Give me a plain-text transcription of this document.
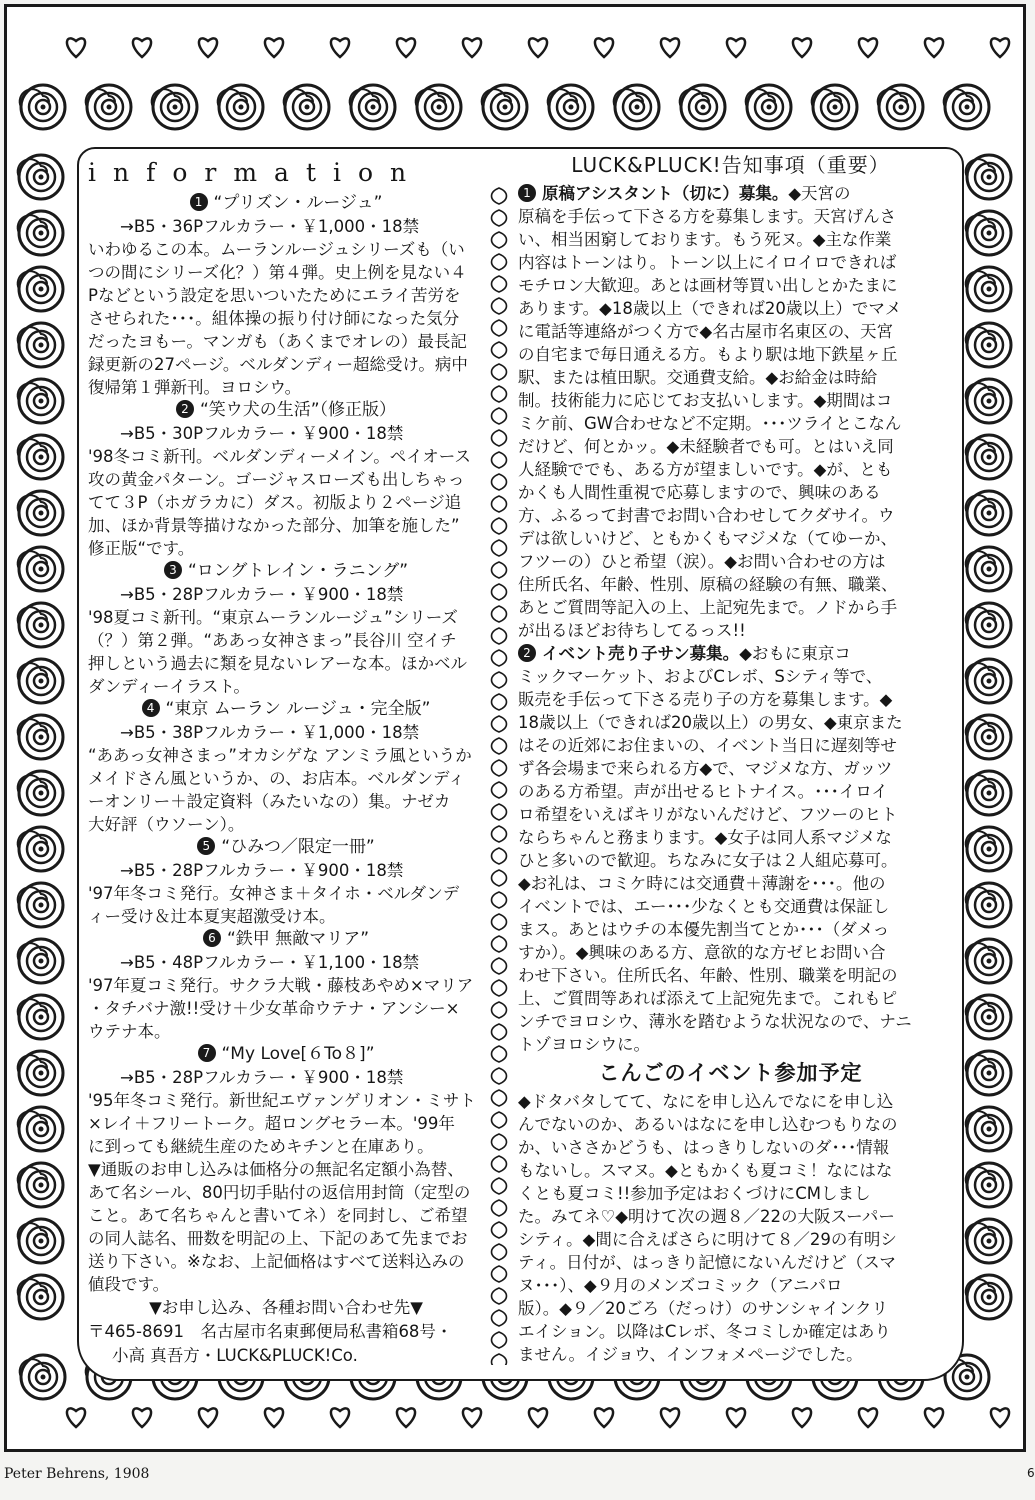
information
1 “プリズン・ルージュ”
→B5・36Pフルカラー・￥1,000・18禁
いわゆるこの本。ムーランルージュシリーズも（い
つの間にシリーズ化？）第４弾。史上例を見ない４
Pなどという設定を思いついたためにエライ苦労を
させられた･･･。組体操の振り付け師になった気分
だったヨもー。マンガも（あくまでオレの）最長記
録更新の27ページ。ベルダンディー超総受け。病中
復帰第１弾新刊。ヨロシウ。
2 “笑ウ犬の生活”（修正版）
→B5・30Pフルカラー・￥900・18禁
'98冬コミ新刊。ベルダンディーメイン。ペイオース
攻の黄金パターン。ゴージャスローズも出しちゃっ
てて３P（ホガラカに）ダス。初版より２ページ追
加、ほか背景等描けなかった部分、加筆を施した”
修正版“です。
3 “ロングトレイン・ラニング”
→B5・28Pフルカラー・￥900・18禁
'98夏コミ新刊。“東京ムーランルージュ”シリーズ
（？）第２弾。“ああっ女神さまっ”長谷川 空イチ
押しという過去に類を見ないレアーな本。ほかベル
ダンディーイラスト。
4 “東京 ムーラン ルージュ・完全版”
→B5・38Pフルカラー・￥1,000・18禁
“ああっ女神さまっ”オカシゲな アンミラ風というか
メイドさん風というか、の、お店本。ベルダンディ
ーオンリー＋設定資料（みたいなの）集。ナゼカ
大好評（ウソーン）。
5 “ひみつ／限定一冊”
→B5・28Pフルカラー・￥900・18禁
'97年冬コミ発行。女神さま＋タイホ・ベルダンデ
ィー受け＆辻本夏実超激受け本。
6 “鉄甲 無敵マリア”
→B5・48Pフルカラー・￥1,100・18禁
'97年夏コミ発行。サクラ大戦・藤枝あやめ×マリア
・タチバナ激!!受け＋少女革命ウテナ・アンシー×
ウテナ本。
7 “My Love[６To８]”
→B5・28Pフルカラー・￥900・18禁
'95年冬コミ発行。新世紀エヴァンゲリオン・ミサト
×レイ＋フリートーク。超ロングセラー本。'99年
に到っても継続生産のためキチンと在庫あり。
▼通販のお申し込みは価格分の無記名定額小為替、
あて名シール、80円切手貼付の返信用封筒（定型の
こと。あて名ちゃんと書いてネ）を同封し、ご希望
の同人誌名、冊数を明記の上、下記のあて先までお
送り下さい。※なお、上記価格はすべて送料込みの
値段です。
▼お申し込み、各種お問い合わせ先▼
〒465-8691　名古屋市名東郵便局私書箱68号・
小高 真吾方・LUCK&PLUCK!Co.
LUCK&PLUCK!告知事項（重要）
1 原稿アシスタント（切に）募集。◆天宮の
原稿を手伝って下さる方を募集します。天宮げんさ
い、相当困窮しております。もう死ヌ。◆主な作業
内容はトーンはり。トーン以上にイロイロできれば
モチロン大歓迎。あとは画材等買い出しとかたまに
あります。◆18歳以上（できれば20歳以上）でマメ
に電話等連絡がつく方で◆名古屋市名東区の、天宮
の自宅まで毎日通える方。もより駅は地下鉄星ヶ丘
駅、または植田駅。交通費支給。◆お給金は時給
制。技術能力に応じてお支払いします。◆期間はコ
ミケ前、GW合わせなど不定期。･･･ツライとこなん
だけど、何とかッ。◆未経験者でも可。とはいえ同
人経験ででも、ある方が望ましいです。◆が、とも
かくも人間性重視で応募しますので、興味のある
方、ふるって封書でお問い合わせしてクダサイ。ウ
デは欲しいけど、ともかくもマジメな（てゆーか、
フツーの）ひと希望（涙）。◆お問い合わせの方は
住所氏名、年齢、性別、原稿の経験の有無、職業、
あとご質問等記入の上、上記宛先まで。ノドから手
が出るほどお待ちしてるっス!!
2 イベント売り子サン募集。◆おもに東京コ
ミックマーケット、およびCレボ、Sシティ等で、
販売を手伝って下さる売り子の方を募集します。◆
18歳以上（できれば20歳以上）の男女、◆東京また
はその近郊にお住まいの、イベント当日に遅刻等せ
ず各会場まで来られる方◆で、マジメな方、ガッツ
のある方希望。声が出せるヒトナイス。･･･イロイ
ロ希望をいえばキリがないんだけど、フツーのヒト
ならちゃんと務まります。◆女子は同人系マジメな
ひと多いので歓迎。ちなみに女子は２人組応募可。
◆お礼は、コミケ時には交通費＋薄謝を･･･。他の
イベントでは、エー･･･少なくとも交通費は保証し
まス。あとはウチの本優先割当てとか･･･（ダメっ
すか）。◆興味のある方、意欲的な方ゼヒお問い合
わせ下さい。住所氏名、年齢、性別、職業を明記の
上、ご質問等あれば添えて上記宛先まで。これもピ
ンチでヨロシウ、薄氷を踏むような状況なので、ナニ
トゾヨロシウに。
こんごのイベント参加予定
◆ドタバタしてて、なにを申し込んでなにを申し込
んでないのか、あるいはなにを申し込むつもりなの
か、いささかどうも、はっきりしないのダ･･･情報
もないし。スマヌ。◆ともかくも夏コミ！なにはな
くとも夏コミ!!参加予定はおくづけにCMしまし
た。みてネ♡◆明けて次の週８／22の大阪スーパー
シティ。◆間に合えばさらに明けて８／29の有明シ
ティ。日付が、はっきり記憶にないんだけど（スマ
ヌ･･･）、◆９月のメンズコミック（アニパロ
版）。◆９／20ごろ（だっけ）のサンシャインクリ
エイション。以降はCレボ、冬コミしか確定はあり
ません。イジョウ、インフォメページでした。
Peter Behrens, 1908	6
